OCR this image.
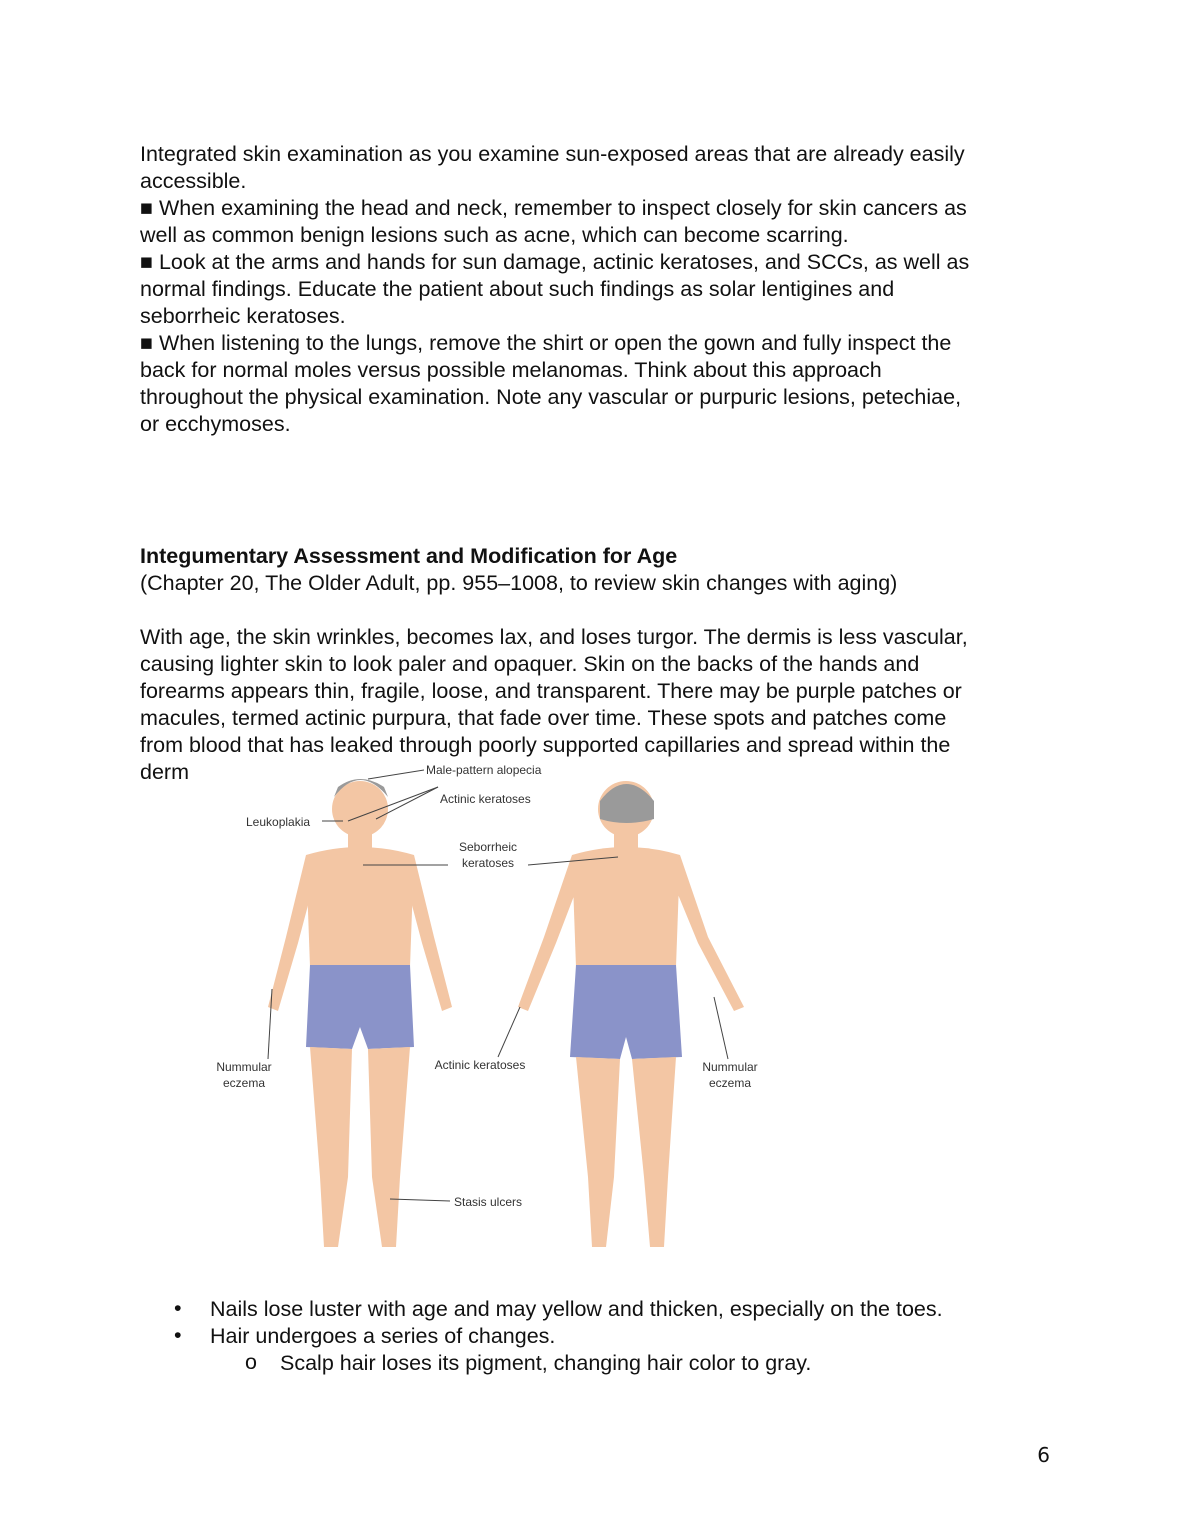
Integrated skin examination as you examine sun-exposed areas that are already easily
accessible.
■ When examining the head and neck, remember to inspect closely for skin cancers as
well as common benign lesions such as acne, which can become scarring.
■ Look at the arms and hands for sun damage, actinic keratoses, and SCCs, as well as
normal findings. Educate the patient about such findings as solar lentigines and
seborrheic keratoses.
■ When listening to the lungs, remove the shirt or open the gown and fully inspect the
back for normal moles versus possible melanomas. Think about this approach
throughout the physical examination. Note any vascular or purpuric lesions, petechiae,
or ecchymoses.
Integumentary Assessment and Modification for Age
(Chapter 20, The Older Adult, pp. 955–1008, to review skin changes with aging)
With age, the skin wrinkles, becomes lax, and loses turgor. The dermis is less vascular,
causing lighter skin to look paler and opaquer. Skin on the backs of the hands and
forearms appears thin, fragile, loose, and transparent. There may be purple patches or
macules, termed actinic purpura, that fade over time. These spots and patches come
from blood that has leaked through poorly supported capillaries and spread within the
derm	Male-pattern alopecia
Actinic keratoses
Leukoplakia
Seborrheic
keratoses
Nummular
eczema
Actinic keratoses	Nummular
eczema
Stasis ulcers
• Nails lose luster with age and may yellow and thicken, especially on the toes.
• Hair undergoes a series of changes.
o Scalp hair loses its pigment, changing hair color to gray.
6
